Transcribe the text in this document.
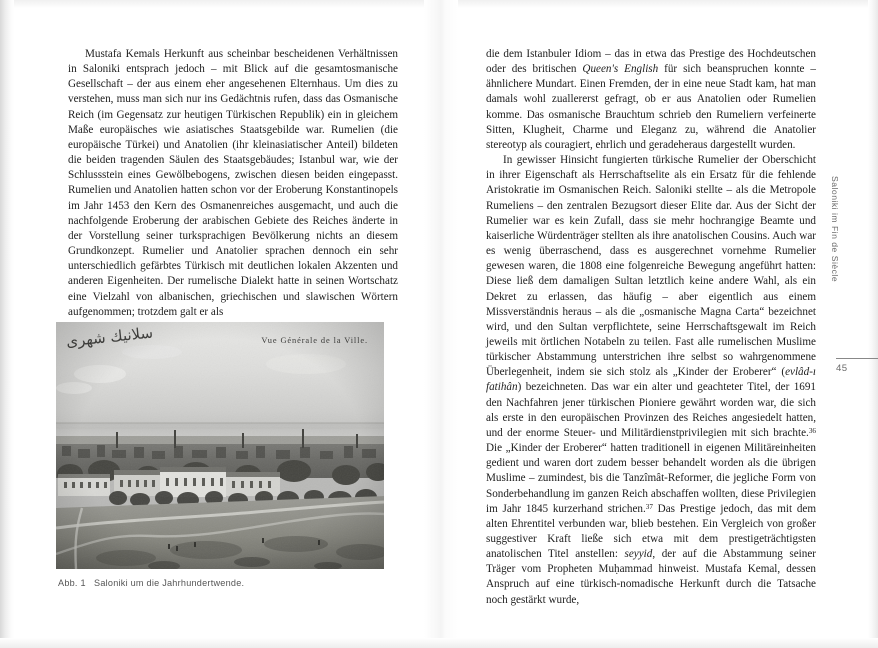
Mustafa Kemals Herkunft aus scheinbar bescheidenen Verhältnissen in Saloniki entsprach jedoch – mit Blick auf die gesamtosmanische Gesellschaft – der aus einem eher angesehenen Elternhaus. Um dies zu verstehen, muss man sich nur ins Gedächtnis rufen, dass das Osmanische Reich (im Gegensatz zur heutigen Türkischen Republik) ein in gleichem Maße europäisches wie asiatisches Staatsgebilde war. Rumelien (die europäische Türkei) und Anatolien (ihr kleinasiatischer Anteil) bildeten die beiden tragenden Säulen des Staatsgebäudes; Istanbul war, wie der Schlussstein eines Gewölbebogens, zwischen diesen beiden eingepasst. Rumelien und Anatolien hatten schon vor der Eroberung Konstantinopels im Jahr 1453 den Kern des Osmanenreiches ausgemacht, und auch die nachfolgende Eroberung der arabischen Gebiete des Reiches änderte in der Vorstellung seiner turksprachigen Bevölkerung nichts an diesem Grundkonzept. Rumelier und Anatolier sprachen dennoch ein sehr unterschiedlich gefärbtes Türkisch mit deutlichen lokalen Akzenten und anderen Eigenheiten. Der rumelische Dialekt hatte in seinen Wortschatz eine Vielzahl von albanischen, griechischen und slawischen Wörtern aufgenommen; trotzdem galt er als

سلانیك شهری	Vue Générale de la Ville.
Abb. 1 Saloniki um die Jahrhundertwende.

die dem Istanbuler Idiom – das in etwa das Prestige des Hochdeutschen oder des britischen Queen's English für sich beanspruchen konnte – ähnlichere Mundart. Einen Fremden, der in eine neue Stadt kam, hat man damals wohl zuallererst gefragt, ob er aus Anatolien oder Rumelien komme. Das osmanische Brauchtum schrieb den Rumeliern verfeinerte Sitten, Klugheit, Charme und Eleganz zu, während die Anatolier stereotyp als couragiert, ehrlich und geradeheraus dargestellt wurden.

In gewisser Hinsicht fungierten türkische Rumelier der Oberschicht in ihrer Eigenschaft als Herrschaftselite als ein Ersatz für die fehlende Aristokratie im Osmanischen Reich. Saloniki stellte – als die Metropole Rumeliens – den zentralen Bezugsort dieser Elite dar. Aus der Sicht der Rumelier war es kein Zufall, dass sie mehr hochrangige Beamte und kaiserliche Würdenträger stellten als ihre anatolischen Cousins. Auch war es wenig überraschend, dass es ausgerechnet vornehme Rumelier gewesen waren, die 1808 eine folgenreiche Bewegung angeführt hatten: Diese ließ dem damaligen Sultan letztlich keine andere Wahl, als ein Dekret zu erlassen, das häufig – aber eigentlich aus einem Missverständnis heraus – als die „osmanische Magna Carta“ bezeichnet wird, und den Sultan verpflichtete, seine Herrschaftsgewalt im Reich jeweils mit örtlichen Notabeln zu teilen. Fast alle rumelischen Muslime türkischer Abstammung unterstrichen ihre selbst so wahrgenommene Überlegenheit, indem sie sich stolz als „Kinder der Eroberer“ (evlâd-ı fatihân) bezeichneten. Das war ein alter und geachteter Titel, der 1691 den Nachfahren jener türkischen Pioniere gewährt worden war, die sich als erste in den europäischen Provinzen des Reiches angesiedelt hatten, und der enorme Steuer- und Militärdienstprivilegien mit sich brachte.$^{36}$ Die „Kinder der Eroberer“ hatten traditionell in eigenen Militäreinheiten gedient und waren dort zudem besser behandelt worden als die übrigen Muslime – zumindest, bis die Tanzîmât-Reformer, die jegliche Form von Sonderbehandlung im ganzen Reich abschaffen wollten, diese Privilegien im Jahr 1845 kurzerhand strichen.$^{37}$ Das Prestige jedoch, das mit dem alten Ehrentitel verbunden war, blieb bestehen. Ein Vergleich von großer suggestiver Kraft ließe sich etwa mit dem prestigeträchtigsten anatolischen Titel anstellen: seyyid, der auf die Abstammung seiner Träger vom Propheten Muḥammad hinweist. Mustafa Kemal, dessen Anspruch auf eine türkisch-nomadische Herkunft durch die Tatsache noch gestärkt wurde,

Saloniki im Fin de Siècle
45
